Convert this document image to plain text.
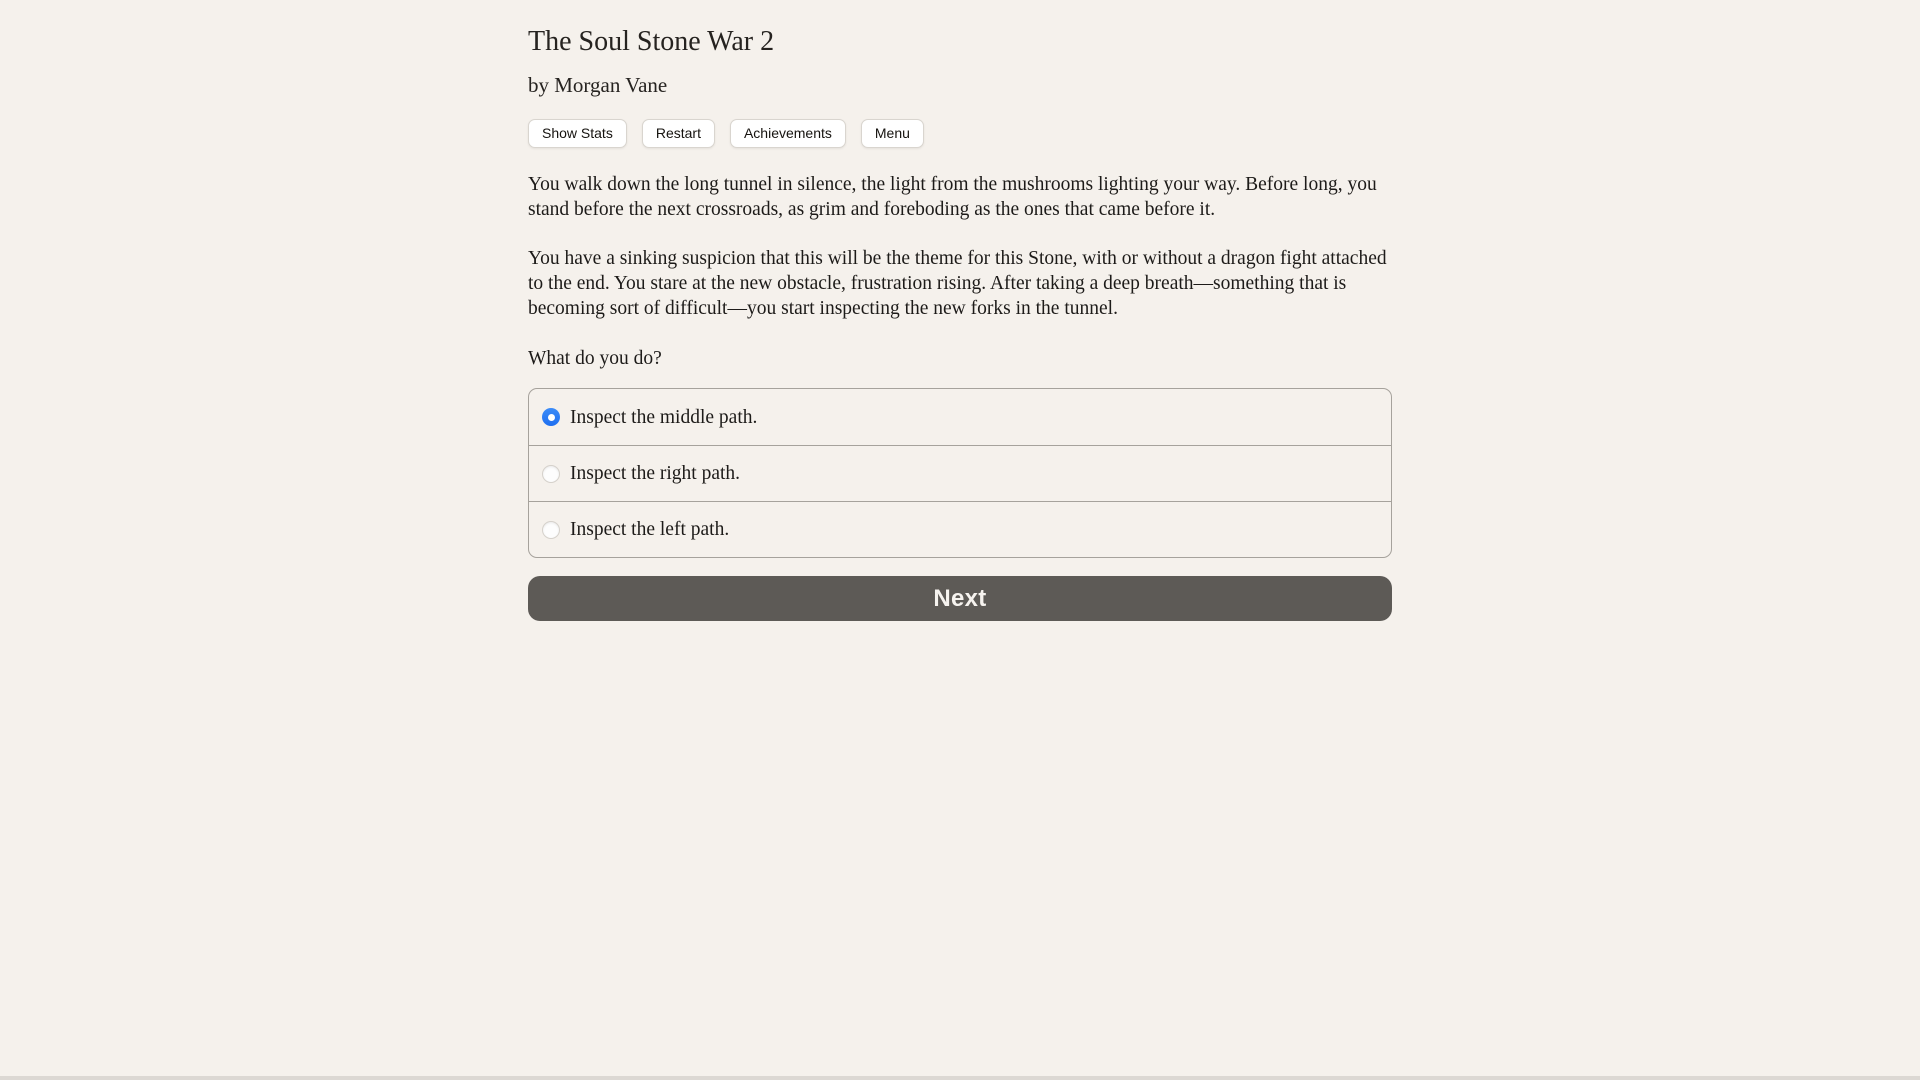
The Soul Stone War 2
by Morgan Vane
Show Stats	Restart	Achievements	Menu

You walk down the long tunnel in silence, the light from the mushrooms lighting your way. Before long, you stand before the next crossroads, as grim and foreboding as the ones that came before it.

You have a sinking suspicion that this will be the theme for this Stone, with or without a dragon fight attached to the end. You stare at the new obstacle, frustration rising. After taking a deep breath—something that is becoming sort of difficult—you start inspecting the new forks in the tunnel.

What do you do?

Inspect the middle path.
Inspect the right path.
Inspect the left path.
Next
